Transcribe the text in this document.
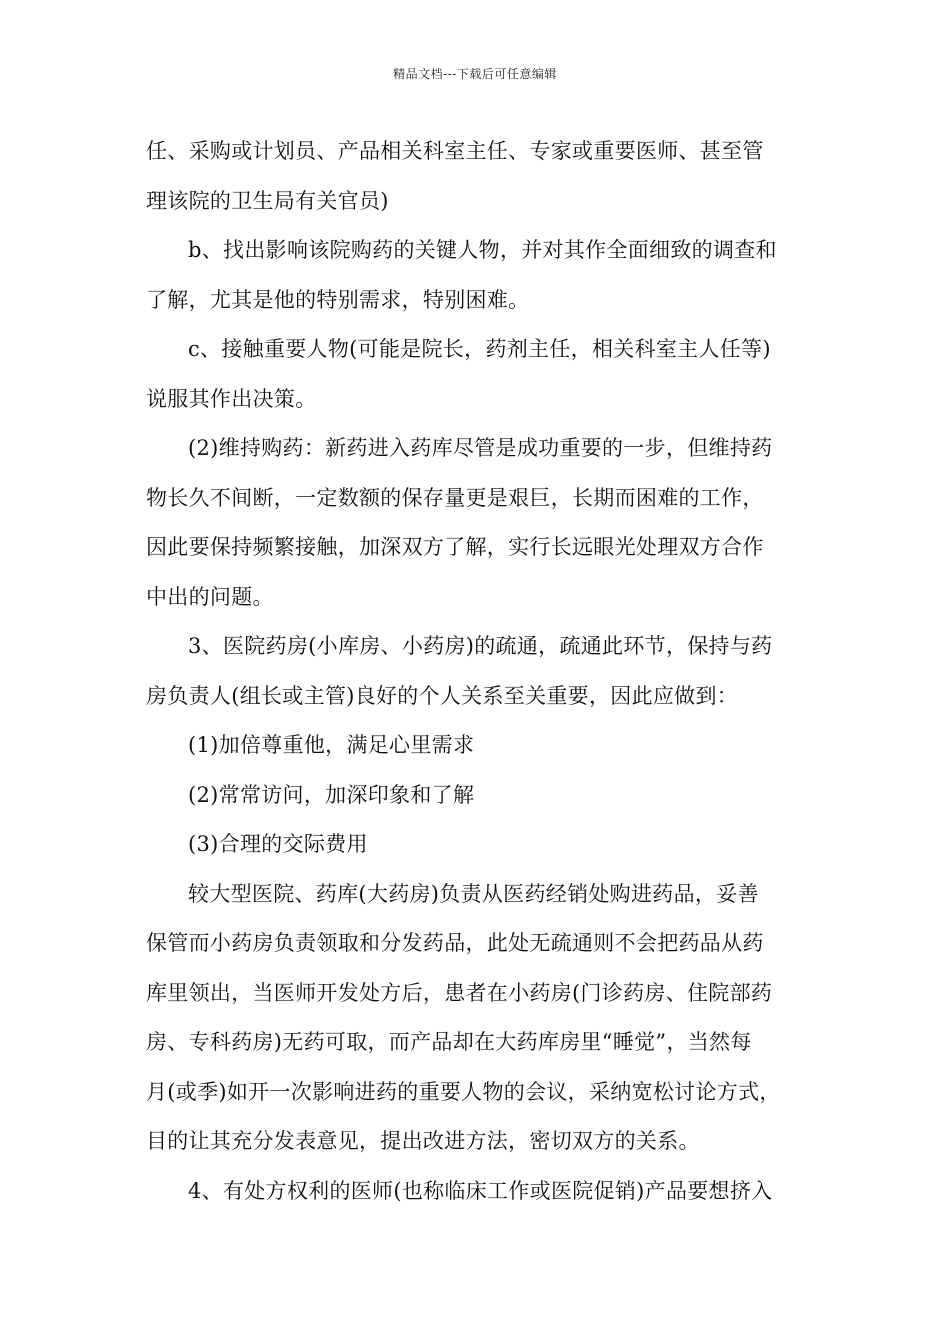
精品文档---下载后可任意编辑
任、采购或计划员、产品相关科室主任、专家或重要医师、甚至管
理该院的卫生局有关官员)
b、找出影响该院购药的关键人物，并对其作全面细致的调查和
了解，尤其是他的特别需求，特别困难。
c、接触重要人物(可能是院长，药剂主任，相关科室主人任等)
说服其作出决策。
(2)维持购药：新药进入药库尽管是成功重要的一步，但维持药
物长久不间断，一定数额的保存量更是艰巨，长期而困难的工作，
因此要保持频繁接触，加深双方了解，实行长远眼光处理双方合作
中出的问题。
3、医院药房(小库房、小药房)的疏通，疏通此环节，保持与药
房负责人(组长或主管)良好的个人关系至关重要，因此应做到：
(1)加倍尊重他，满足心里需求
(2)常常访问，加深印象和了解
(3)合理的交际费用
较大型医院、药库(大药房)负责从医药经销处购进药品，妥善
保管而小药房负责领取和分发药品，此处无疏通则不会把药品从药
库里领出，当医师开发处方后，患者在小药房(门诊药房、住院部药
房、专科药房)无药可取，而产品却在大药库房里“睡觉”，当然每
月(或季)如开一次影响进药的重要人物的会议，采纳宽松讨论方式，
目的让其充分发表意见，提出改进方法，密切双方的关系。
4、有处方权利的医师(也称临床工作或医院促销)产品要想挤入
